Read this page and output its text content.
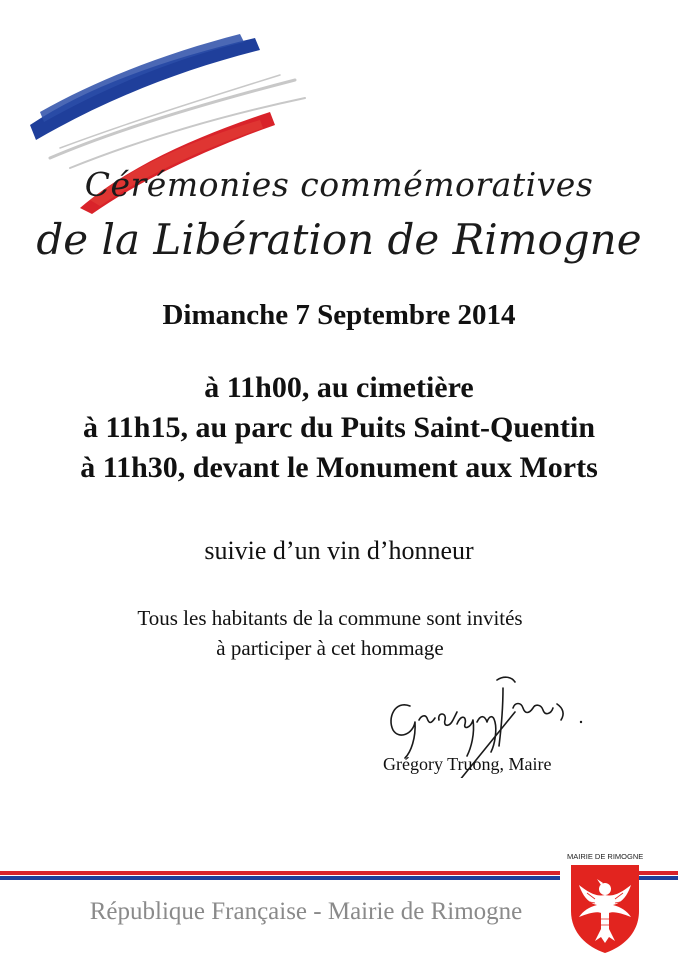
Cérémonies commémoratives
de la Libération de Rimogne
Dimanche 7 Septembre 2014
à 11h00, au cimetière
à 11h15, au parc du Puits Saint-Quentin
à 11h30, devant le Monument aux Morts
suivie d’un vin d’honneur
Tous les habitants de la commune sont invités
à participer à cet hommage
Grégory Truong, Maire
République Française - Mairie de Rimogne
MAIRIE DE RIMOGNE
